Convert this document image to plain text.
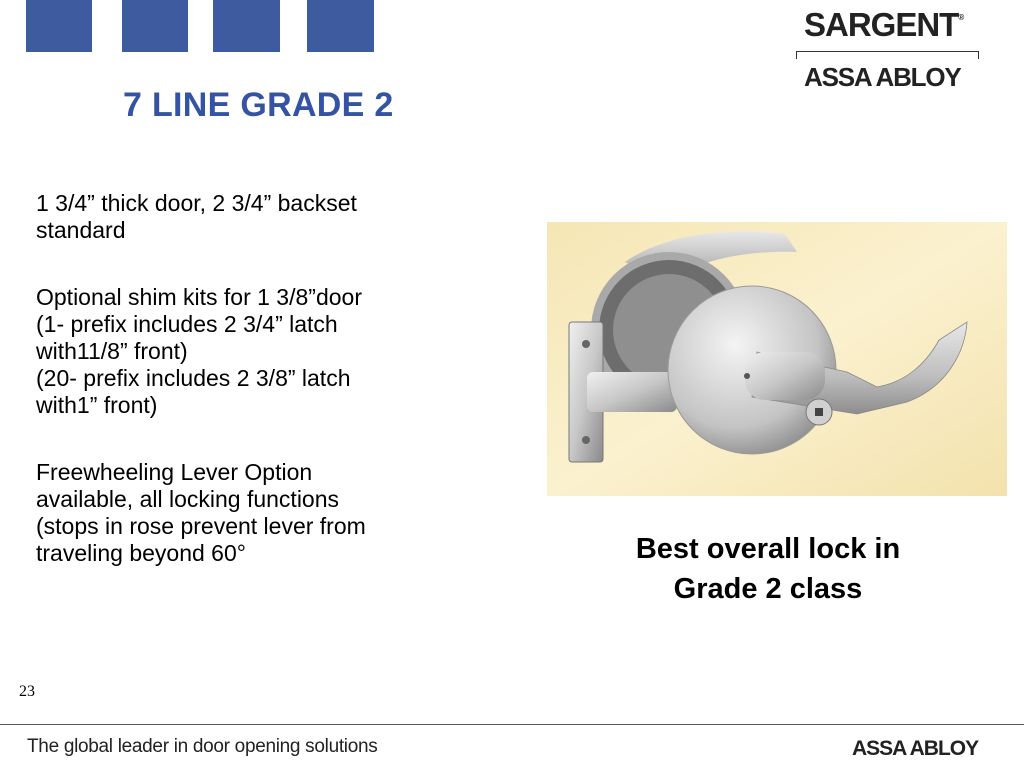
7 LINE GRADE 2
SARGENT®
ASSA ABLOY
1 3/4” thick door, 2 3/4” backset
standard
Optional shim kits for 1 3/8”door
(1- prefix includes 2 3/4” latch
with11/8” front)
(20- prefix includes 2 3/8” latch
with1” front)
Freewheeling Lever Option
available, all locking functions
(stops in rose prevent lever from
traveling beyond 60°	Best overall lock in
Grade 2 class
23
The global leader in door opening solutions	ASSA ABLOY
